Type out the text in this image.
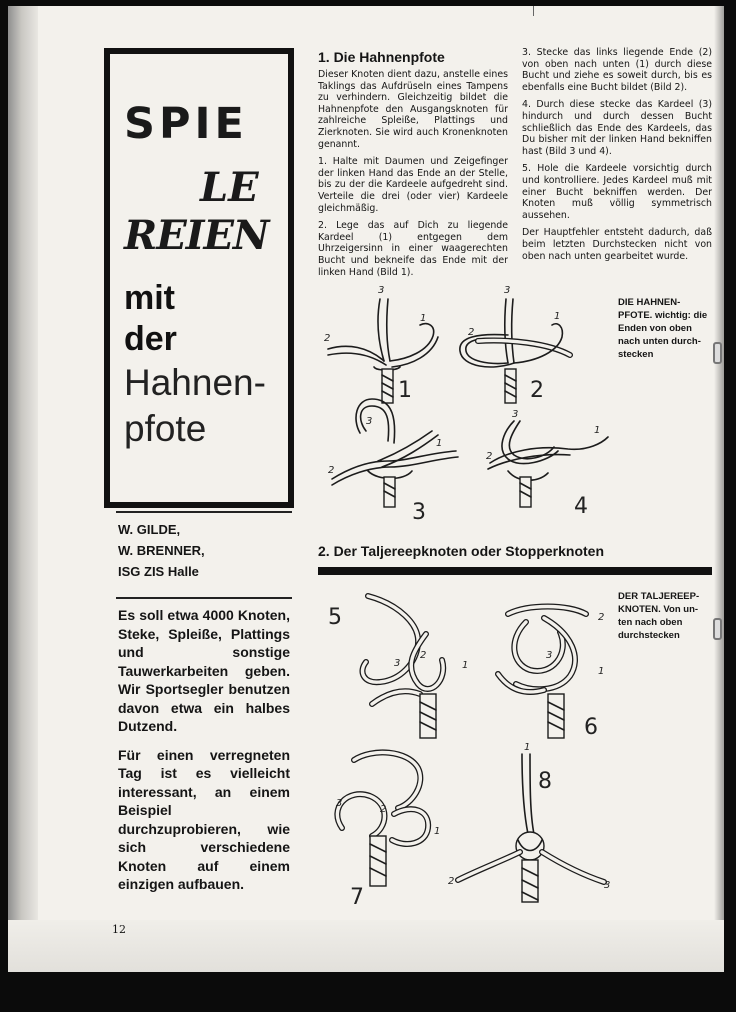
SPIE
LE
REIEN
mit
der
Hahnen-
pfote
W. GILDE,
W. BRENNER,
ISG ZIS Halle

Es soll etwa 4000 Knoten, Steke, Spleiße, Plattings und sonstige Tauwerkarbeiten geben. Wir Sportsegler benutzen davon etwa ein halbes Dutzend.

Für einen verregneten Tag ist es vielleicht interessant, an einem Beispiel durchzuprobieren, wie sich verschiedene Knoten auf einem einzigen aufbauen.

1. Die Hahnenpfote

Dieser Knoten dient dazu, anstelle eines Taklings das Aufdrüseln eines Tampens zu verhindern. Gleichzeitig bildet die Hahnenpfote den Ausgangsknoten für zahlreiche Spleiße, Plattings und Zierknoten. Sie wird auch Kronenknoten genannt.

1. Halte mit Daumen und Zeigefinger der linken Hand das Ende an der Stelle, bis zu der die Kardeele aufgedreht sind. Verteile die drei (oder vier) Kardeele gleichmäßig.

2. Lege das auf Dich zu liegende Kardeel (1) entgegen dem Uhrzeigersinn in einer waagerechten Bucht und bekneife das Ende mit der linken Hand (Bild 1).

3. Stecke das links liegende Ende (2) von oben nach unten (1) durch diese Bucht und ziehe es soweit durch, bis es ebenfalls eine Bucht bildet (Bild 2).

4. Durch diese stecke das Kardeel (3) hindurch und durch dessen Bucht schließlich das Ende des Kardeels, das Du bisher mit der linken Hand bekniffen hast (Bild 3 und 4).

5. Hole die Kardeele vorsichtig durch und kontrolliere. Jedes Kardeel muß mit einer Bucht bekniffen werden. Der Knoten muß völlig symmetrisch aussehen.

Der Hauptfehler entsteht dadurch, daß beim letzten Durchstecken nicht von oben nach unten gearbeitet wurde.

DIE HAHNEN-
PFOTE. wichtig: die
Enden von oben
nach unten durch-
stecken
3
2
1
1
3
2
1
2
3
2
1
3
3
2
1
4
2. Der Taljereepknoten oder Stopperknoten
DER TALJEREEP-
KNOTEN. Von un-
ten nach oben
durchstecken
3
2
1
5
3
2
1
6
3
2
1
7
1
2	3
8
12
